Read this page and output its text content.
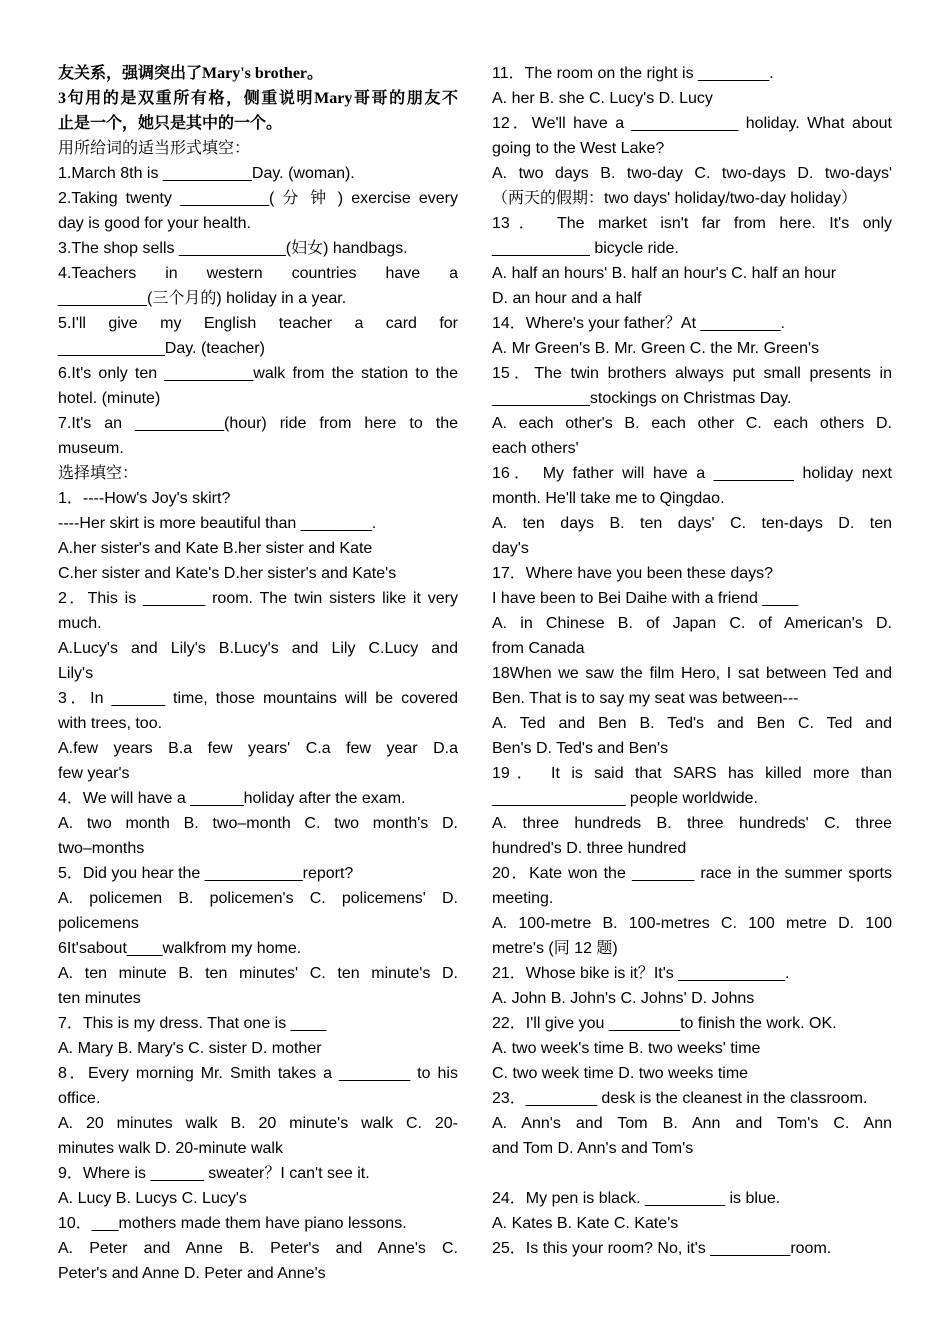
友关系，强调突出了Mary's brother。
3句用的是双重所有格，侧重说明Mary哥哥的朋友不
止是一个，她只是其中的一个。
用所给词的适当形式填空：
1.March 8th is __________Day. (woman).
2.Taking twenty __________( 分 钟 ) exercise every
day is good for your health.
3.The shop sells ____________(妇女) handbags.
4.Teachers in western countries have a
__________(三个月的) holiday in a year.
5.I'll give my English teacher a card for
____________Day. (teacher)
6.It's only ten __________walk from the station to the
hotel. (minute)
7.It's an __________(hour) ride from here to the
museum.
选择填空：
1．----How's Joy's skirt?
----Her skirt is more beautiful than ________.
A.her sister's and Kate B.her sister and Kate
C.her sister and Kate's D.her sister's and Kate's
2．This is _______ room. The twin sisters like it very
much.
A.Lucy's and Lily's B.Lucy's and Lily C.Lucy and
Lily's
3．In ______ time, those mountains will be covered
with trees, too.
A.few years B.a few years' C.a few year D.a
few year's
4．We will have a ______holiday after the exam.
A. two month B. two–month C. two month's D.
two–months
5．Did you hear the ___________report?
A. policemen B. policemen's C. policemens' D.
policemens
6It'sabout____walkfrom my home.
A. ten minute B. ten minutes' C. ten minute's D.
ten minutes
7．This is my dress. That one is ____
A. Mary B. Mary's C. sister D. mother
8．Every morning Mr. Smith takes a ________ to his
office.
A. 20 minutes walk B. 20 minute's walk C. 20-
minutes walk D. 20-minute walk
9．Where is ______ sweater？I can't see it.
A. Lucy B. Lucys C. Lucy's
10．___mothers made them have piano lessons.
A. Peter and Anne B. Peter's and Anne's C.
Peter's and Anne D. Peter and Anne's
11．The room on the right is ________.
A. her B. she C. Lucy's D. Lucy
12．We'll have a ____________ holiday. What about
going to the West Lake?
A. two days B. two-day C. two-days D. two-days'
（两天的假期：two days' holiday/two-day holiday）
13． The market isn't far from here. It's only
___________ bicycle ride.
A. half an hours' B. half an hour's C. half an hour
D. an hour and a half
14．Where's your father？At _________.
A. Mr Green's B. Mr. Green C. the Mr. Green's
15．The twin brothers always put small presents in
___________stockings on Christmas Day.
A. each other's B. each other C. each others D.
each others'
16． My father will have a _________ holiday next
month. He'll take me to Qingdao.
A. ten days B. ten days' C. ten-days D. ten
day's
17．Where have you been these days?
I have been to Bei Daihe with a friend ____
A. in Chinese B. of Japan C. of American's D.
from Canada
18When we saw the film Hero, I sat between Ted and
Ben. That is to say my seat was between---
A. Ted and Ben B. Ted's and Ben C. Ted and
Ben's D. Ted's and Ben's
19． It is said that SARS has killed more than
_______________ people worldwide.
A. three hundreds B. three hundreds' C. three
hundred's D. three hundred
20．Kate won the _______ race in the summer sports
meeting.
A. 100-metre B. 100-metres C. 100 metre D. 100
metre's (同 12 题)
21．Whose bike is it？It's ____________.
A. John B. John's C. Johns' D. Johns
22．I'll give you ________to finish the work. OK.
A. two week's time B. two weeks' time
C. two week time D. two weeks time
23．________ desk is the cleanest in the classroom.
A. Ann's and Tom B. Ann and Tom's C. Ann
and Tom D. Ann's and Tom's
24．My pen is black. _________ is blue.
A. Kates B. Kate C. Kate's
25．Is this your room? No, it's _________room.
